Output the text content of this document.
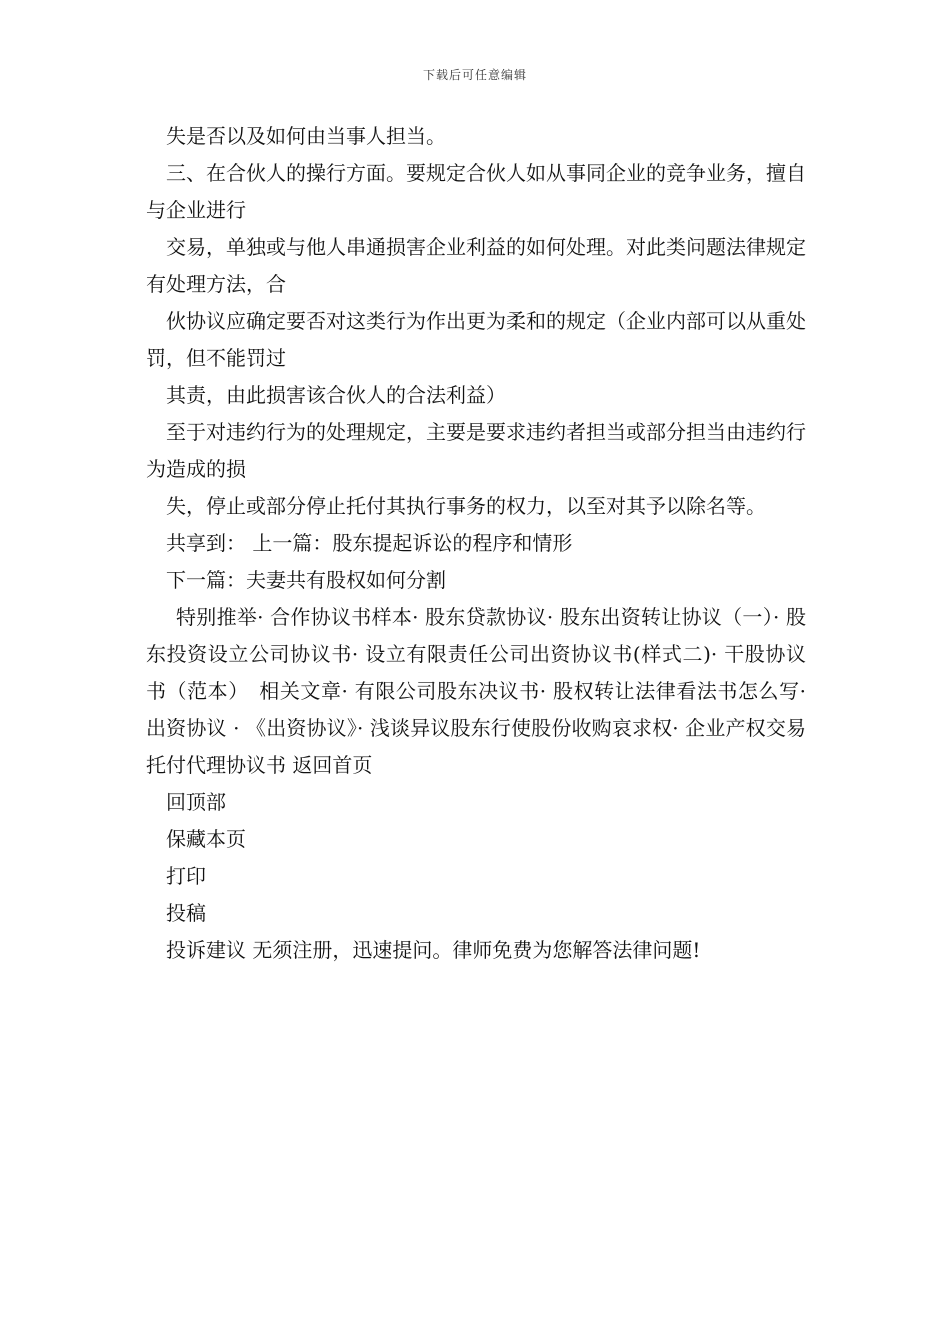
下载后可任意编辑

失是否以及如何由当事人担当。

三、在合伙人的操行方面。要规定合伙人如从事同企业的竞争业务，擅自与企业进行

交易，单独或与他人串通损害企业利益的如何处理。对此类问题法律规定有处理方法，合

伙协议应确定要否对这类行为作出更为柔和的规定（企业内部可以从重处罚，但不能罚过

其责，由此损害该合伙人的合法利益）

至于对违约行为的处理规定，主要是要求违约者担当或部分担当由违约行为造成的损

失，停止或部分停止托付其执行事务的权力，以至对其予以除名等。

共享到： 上一篇：股东提起诉讼的程序和情形

下一篇：夫妻共有股权如何分割

特别推举· 合作协议书样本· 股东贷款协议· 股东出资转让协议（一）· 股东投资设立公司协议书· 设立有限责任公司出资协议书(样式二)· 干股协议书（范本）　相关文章· 有限公司股东决议书· 股权转让法律看法书怎么写· 出资协议 · 《出资协议》· 浅谈异议股东行使股份收购哀求权· 企业产权交易托付代理协议书 返回首页

回顶部

保藏本页

打印

投稿

投诉建议 无须注册，迅速提问。律师免费为您解答法律问题!
